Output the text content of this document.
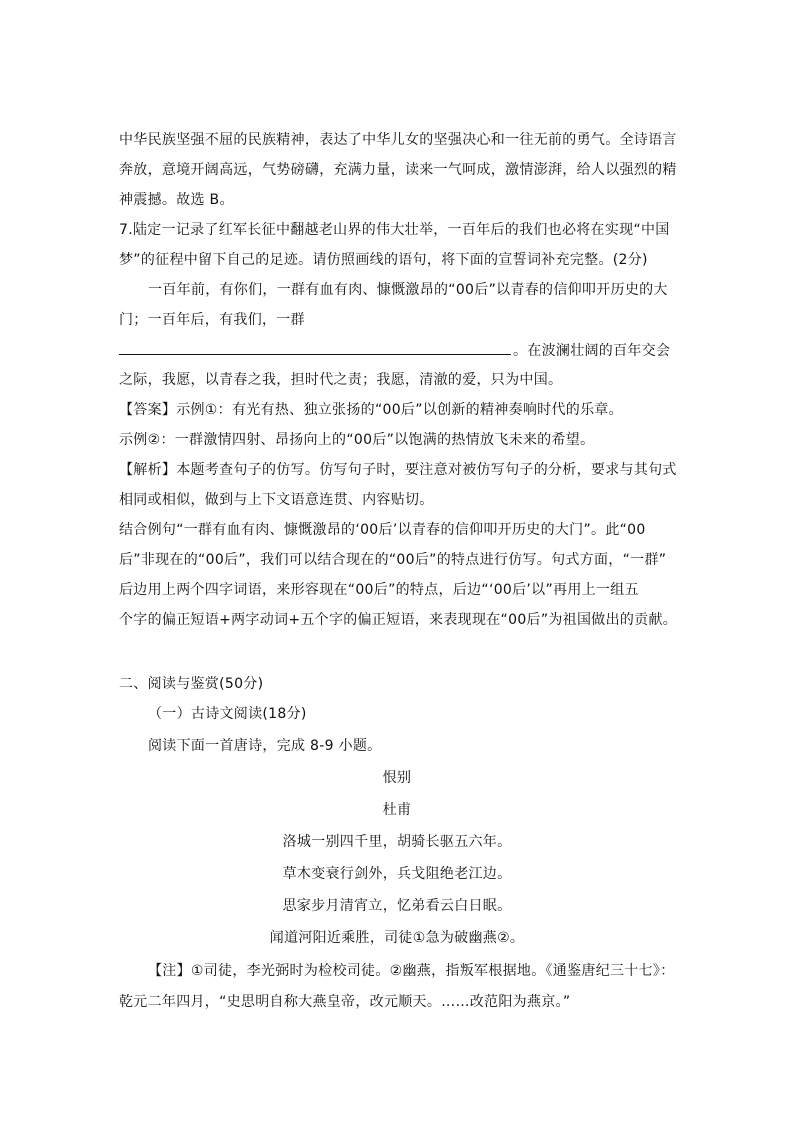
中华民族坚强不屈的民族精神，表达了中华儿女的坚强决心和一往无前的勇气。全诗语言
奔放，意境开阔高远，气势磅礴，充满力量，读来一气呵成，激情澎湃，给人以强烈的精
神震撼。故选 B。
7.陆定一记录了红军长征中翻越老山界的伟大壮举，一百年后的我们也必将在实现“中国
梦”的征程中留下自己的足迹。请仿照画线的语句，将下面的宣誓词补充完整。(2分)
一百年前，有你们，一群有血有肉、慷慨激昂的“00后”以青春的信仰叩开历史的大
门；一百年后，有我们，一群
。在波澜壮阔的百年交会
之际，我愿，以青春之我，担时代之责；我愿，清澈的爱，只为中国。
【答案】示例①：有光有热、独立张扬的“00后”以创新的精神奏响时代的乐章。
示例②：一群激情四射、昂扬向上的“00后”以饱满的热情放飞未来的希望。
【解析】本题考查句子的仿写。仿写句子时，要注意对被仿写句子的分析，要求与其句式
相同或相似，做到与上下文语意连贯、内容贴切。
结合例句“一群有血有肉、慷慨激昂的‘00后’以青春的信仰叩开历史的大门”。此“00
后”非现在的“00后”，我们可以结合现在的“00后”的特点进行仿写。句式方面，“一群”
后边用上两个四字词语，来形容现在“00后”的特点，后边“‘00后’以”再用上一组五
个字的偏正短语+两字动词+五个字的偏正短语，来表现现在“00后”为祖国做出的贡献。
二、阅读与鉴赏(50分)
（一）古诗文阅读(18分)
阅读下面一首唐诗，完成 8-9 小题。
恨别
杜甫
洛城一别四千里，胡骑长驱五六年。
草木变衰行剑外，兵戈阻绝老江边。
思家步月清宵立，忆弟看云白日眠。
闻道河阳近乘胜，司徒①急为破幽燕②。
【注】①司徒，李光弼时为检校司徒。②幽燕，指叛军根据地。《通鉴唐纪三十七》：
乾元二年四月，“史思明自称大燕皇帝，改元顺天。……改范阳为燕京。”
